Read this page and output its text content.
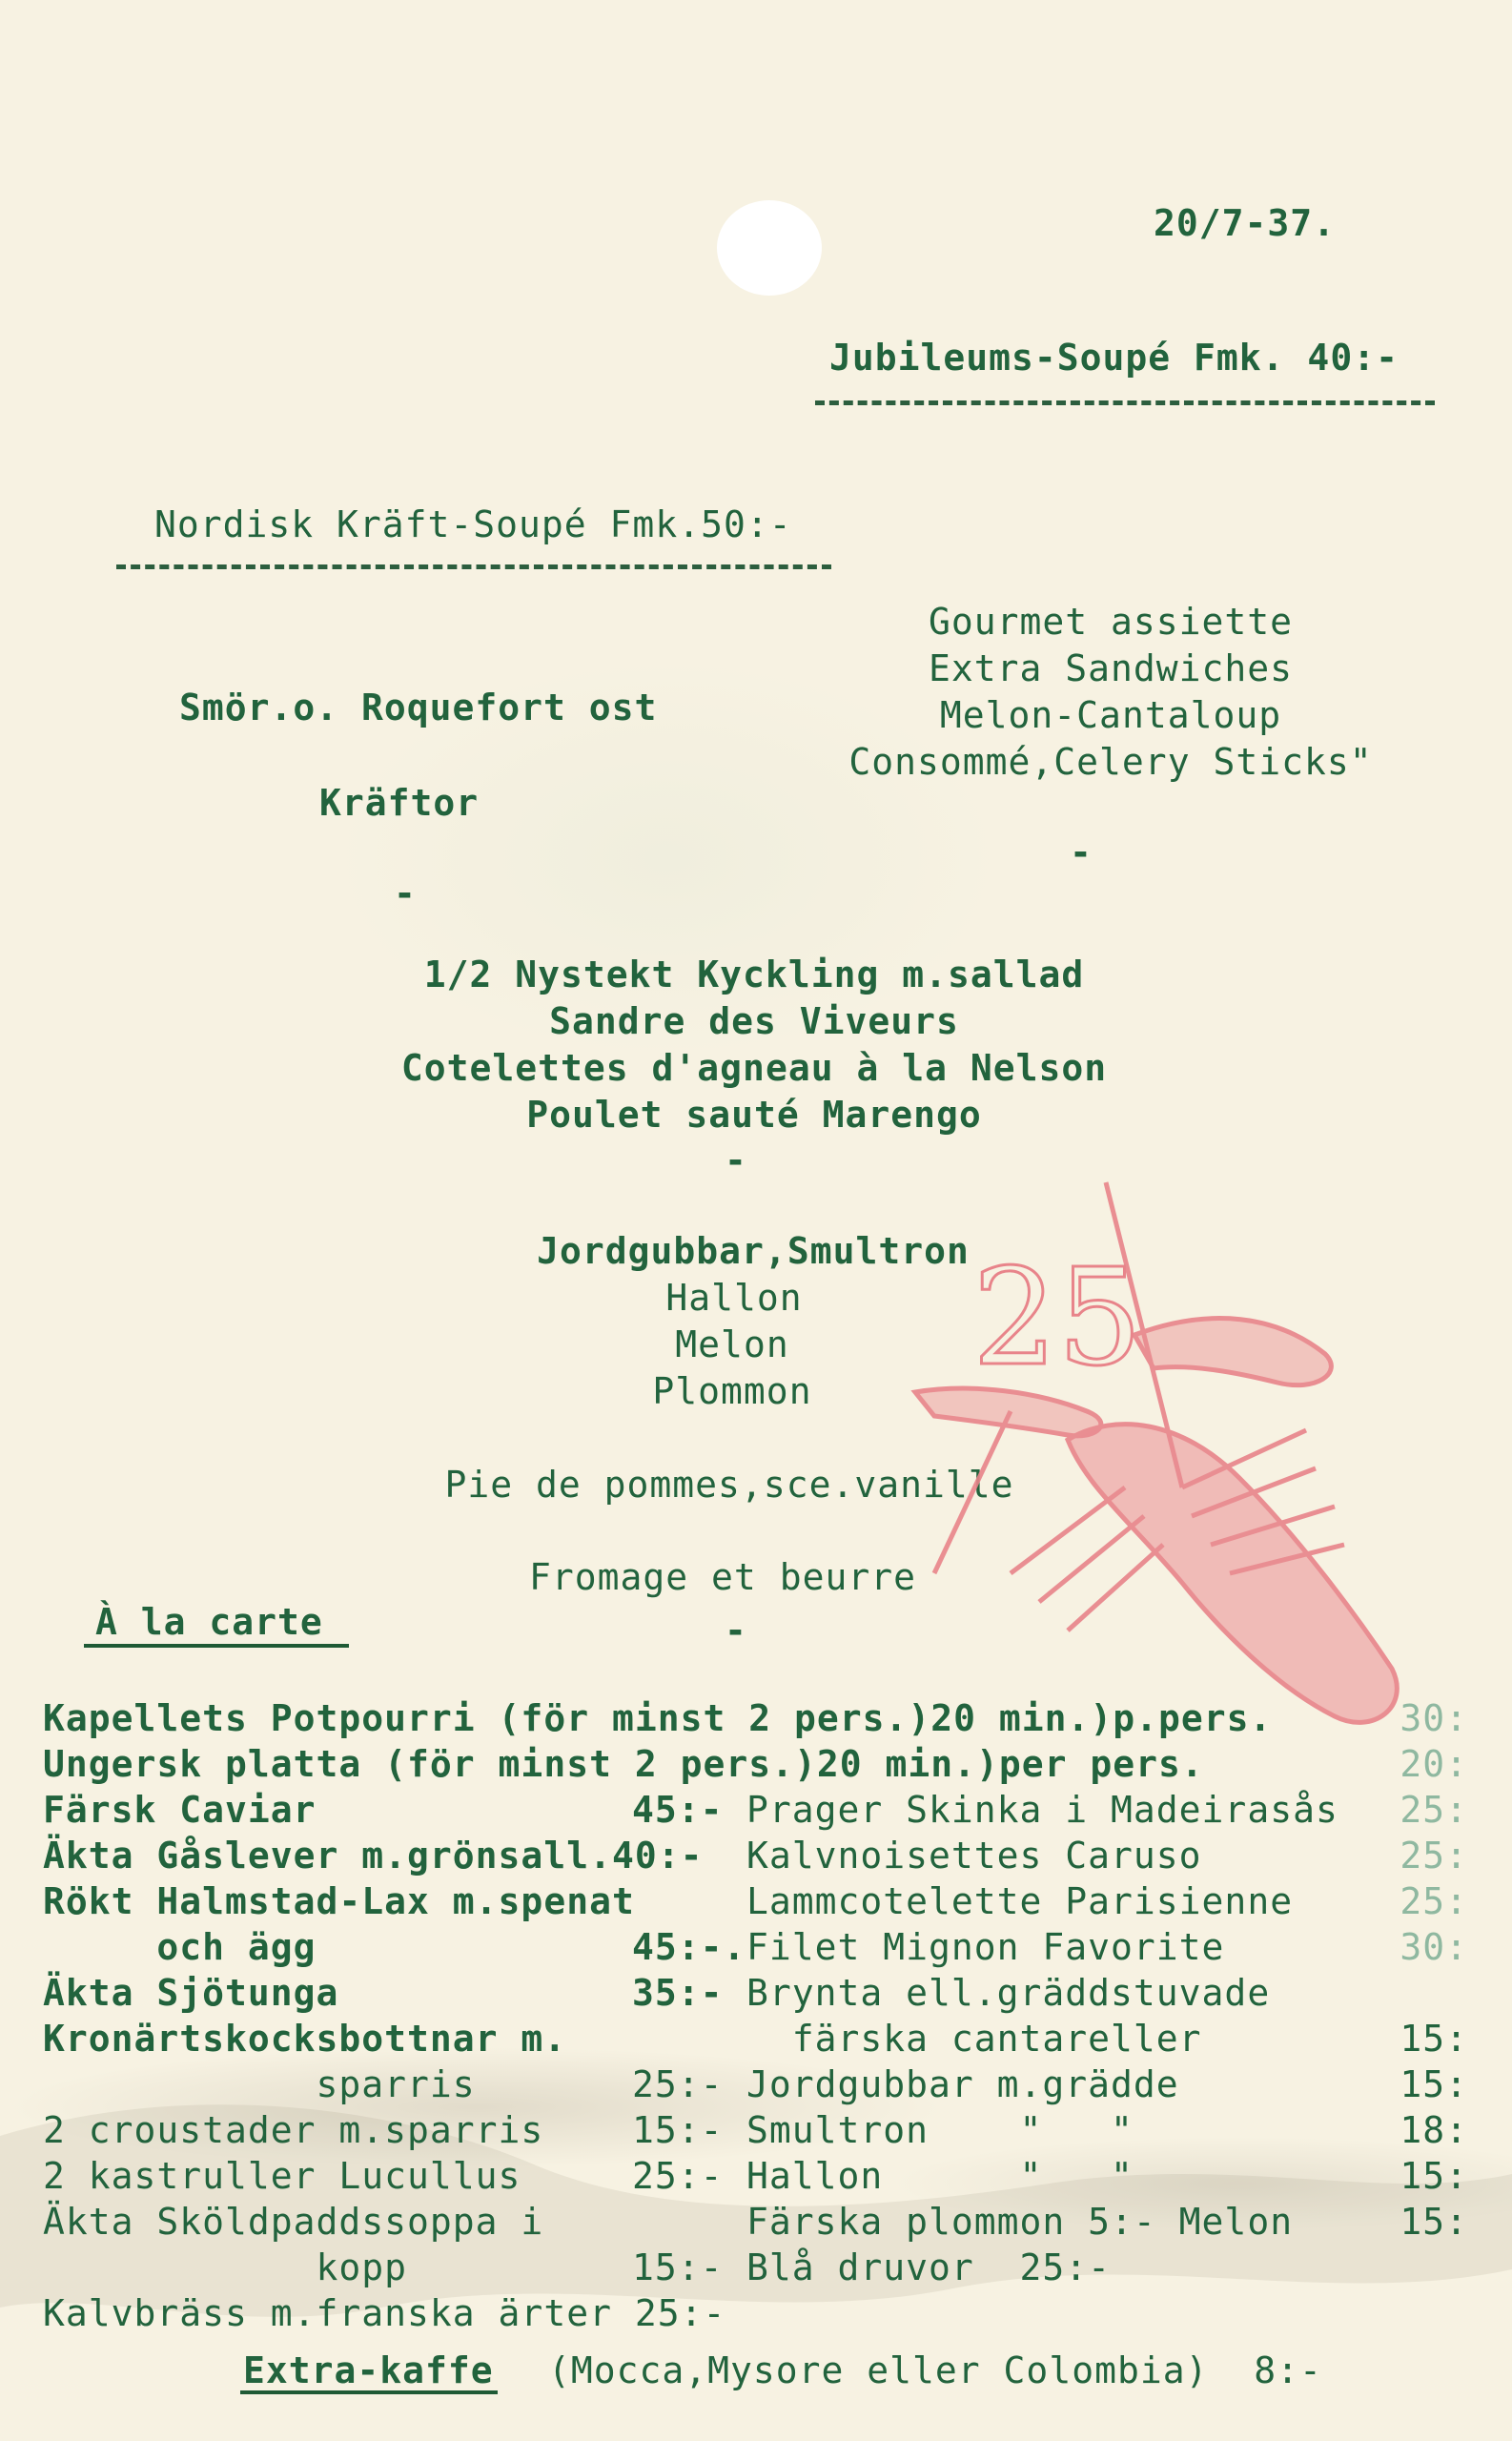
20/7-37.
Jubileums-Soupé Fmk. 40:-
Nordisk Kräft-Soupé Fmk.50:-
Smör.o. Roquefort ost
Kräftor
-
Gourmet assiette
Extra Sandwiches
Melon-Cantaloup
Consommé,Celery Sticks"
-
1/2 Nystekt Kyckling m.sallad
Sandre des Viveurs
Cotelettes d'agneau à la Nelson
Poulet sauté Marengo
-
Jordgubbar,Smultron
Hallon
Melon
Plommon
Pie de pommes,sce.vanille
Fromage et beurre
-
25
À la carte
Kapellets Potpourri (för minst 2 pers.)20 min.)p.pers.	30:
Ungersk platta (för minst 2 pers.)20 min.)per pers.	20:
Färsk Caviar	45:-
Äkta Gåslever m.grönsall.40:-
Rökt Halmstad-Lax m.spenat
och ägg	45:-.
Äkta Sjötunga	35:-
Kronärtskocksbottnar m.
sparris	25:-
2 croustader m.sparris 15:-
2 kastruller Lucullus	25:-
Äkta Sköldpaddssoppa i
kopp	15:-
Kalvbräss m.franska ärter 25:-
Prager Skinka i Madeirasås	25:
Kalvnoisettes Caruso	25:
Lammcotelette Parisienne	25:
Filet Mignon Favorite	30:
Brynta ell.gräddstuvade
färska cantareller	15:
Jordgubbar m.grädde	15:
Smultron    "   "	18:
Hallon      "   "	15:
Färska plommon 5:- Melon	15:
Blå druvor  25:-
Extra-kaffe (Mocca,Mysore eller Colombia)  8:-
